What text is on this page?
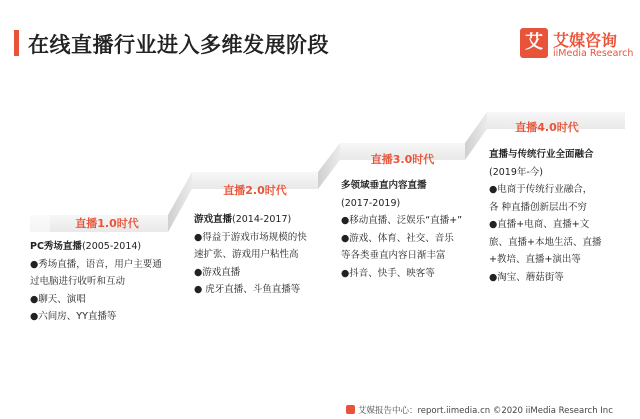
在线直播行业进入多维发展阶段	艾 艾媒咨询
iiMedia Research
直播1.0时代
直播2.0时代
直播3.0时代
直播4.0时代
PC秀场直播(2005-2014)
●秀场直播，语音，用户主要通
过电脑进行收听和互动
●聊天、演唱
●六间房、YY直播等
游戏直播(2014-2017)
●得益于游戏市场规模的快
速扩张、游戏用户粘性高
●游戏直播
● 虎牙直播、斗鱼直播等
多领域垂直内容直播
(2017-2019)
●移动直播、泛娱乐“直播+”
●游戏、体育、社交、音乐
等各类垂直内容日渐丰富
●抖音、快手、映客等
直播与传统行业全面融合
(2019年-今)
●电商于传统行业融合，
各 种直播创新层出不穷
●直播+电商、直播+文
旅、直播+本地生活、直播
+教培、直播+演出等
●淘宝、蘑菇街等
艾媒报告中心：report.iimedia.cn ©2020 iiMedia Research Inc
